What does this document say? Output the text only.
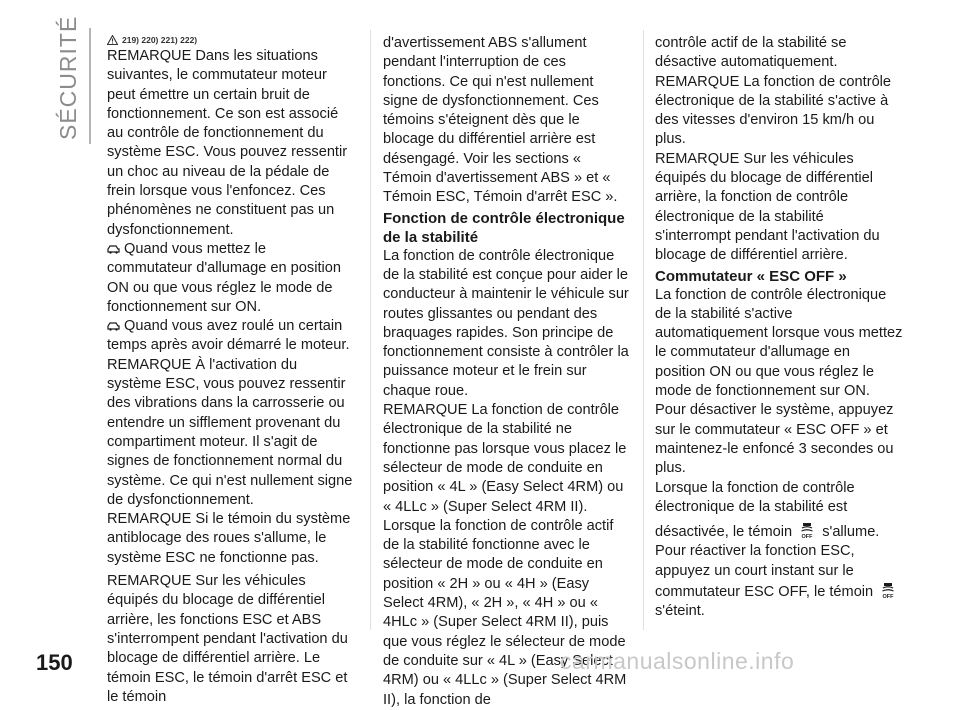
SÉCURITÉ	219) 220) 221) 222)

REMARQUE Dans les situations suivantes, le commutateur moteur peut émettre un certain bruit de fonctionnement. Ce son est associé au contrôle de fonctionnement du système ESC. Vous pouvez ressentir un choc au niveau de la pédale de frein lorsque vous l'enfoncez. Ces phénomènes ne constituent pas un dysfonctionnement.

Quand vous mettez le commutateur d'allumage en position ON ou que vous réglez le mode de fonctionnement sur ON.

Quand vous avez roulé un certain temps après avoir démarré le moteur.

REMARQUE À l'activation du système ESC, vous pouvez ressentir des vibrations dans la carrosserie ou entendre un sifflement provenant du compartiment moteur. Il s'agit de signes de fonctionnement normal du système. Ce qui n'est nullement signe de dysfonctionnement.

REMARQUE Si le témoin du système antiblocage des roues s'allume, le système ESC ne fonctionne pas.

REMARQUE Sur les véhicules équipés du blocage de différentiel arrière, les fonctions ESC et ABS s'interrompent pendant l'activation du blocage de différentiel arrière. Le témoin ESC, le témoin d'arrêt ESC et le témoin

d'avertissement ABS s'allument pendant l'interruption de ces fonctions. Ce qui n'est nullement signe de dysfonctionnement. Ces témoins s'éteignent dès que le blocage du différentiel arrière est désengagé. Voir les sections « Témoin d'avertissement ABS » et « Témoin ESC, Témoin d'arrêt ESC ».

Fonction de contrôle électronique de la stabilité

La fonction de contrôle électronique de la stabilité est conçue pour aider le conducteur à maintenir le véhicule sur routes glissantes ou pendant des braquages rapides. Son principe de fonctionnement consiste à contrôler la puissance moteur et le frein sur chaque roue.

REMARQUE La fonction de contrôle électronique de la stabilité ne fonctionne pas lorsque vous placez le sélecteur de mode de conduite en position « 4L » (Easy Select 4RM) ou « 4LLc » (Super Select 4RM II). Lorsque la fonction de contrôle actif de la stabilité fonctionne avec le sélecteur de mode de conduite en position « 2H » ou « 4H » (Easy Select 4RM), « 2H », « 4H » ou « 4HLc » (Super Select 4RM II), puis que vous réglez le sélecteur de mode de conduite sur « 4L » (Easy Select 4RM) ou « 4LLc » (Super Select 4RM II), la fonction de

contrôle actif de la stabilité se désactive automatiquement.

REMARQUE La fonction de contrôle électronique de la stabilité s'active à des vitesses d'environ 15 km/h ou plus.

REMARQUE Sur les véhicules équipés du blocage de différentiel arrière, la fonction de contrôle électronique de la stabilité s'interrompt pendant l'activation du blocage de différentiel arrière.

Commutateur « ESC OFF »

La fonction de contrôle électronique de la stabilité s'active automatiquement lorsque vous mettez le commutateur d'allumage en position ON ou que vous réglez le mode de fonctionnement sur ON. Pour désactiver le système, appuyez sur le commutateur « ESC OFF » et maintenez-le enfoncé 3 secondes ou plus.

Lorsque la fonction de contrôle électronique de la stabilité est

désactivée, le témoin OFF s'allume. Pour réactiver la fonction ESC, appuyez un court instant sur le commutateur ESC OFF, le témoin OFF
s'éteint.

150	carmanualsonline.info
